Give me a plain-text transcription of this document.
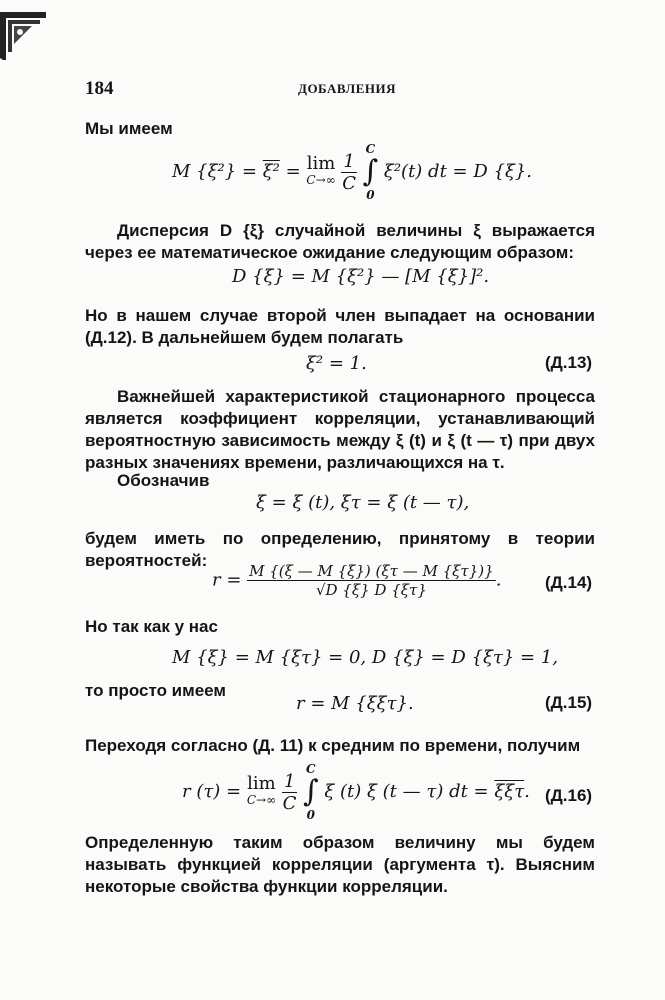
184	ДОБАВЛЕНИЯ
Мы имеем
M {ξ²} = ξ² = lim
C→∞
$\frac{1}{C}$

C
∫
0
ξ²(t) dt = D {ξ}.
Дисперсия D {ξ} случайной величины ξ выражается через ее математическое ожидание следующим образом:
D {ξ} = M {ξ²} — [M {ξ}]².
Но в нашем случае второй член выпадает на основании (Д.12). В дальнейшем будем полагать
ξ² = 1.	(Д.13)
Важнейшей характеристикой стационарного процесса является коэффициент корреляции, устанавливающий вероятностную зависимость между ξ (t) и ξ (t — τ) при двух разных значениях времени, различающихся на τ.
Обозначив
ξ = ξ (t), ξτ = ξ (t — τ),
будем иметь по определению, принятому в теории вероятностей:
$r = \frac{M \{(\xi — M \{\xi\}) (\xi\tau — M \{\xi\tau\})\}}{√D \{\xi\} D \{\xi\tau\}}$ .	(Д.14)
Но так как у нас
M {ξ} = M {ξτ} = 0, D {ξ} = D {ξτ} = 1,
то просто имеем
r = M {ξξτ}.	(Д.15)
Переходя согласно (Д. 11) к средним по времени, получим
r (τ) = lim
C→∞
$\frac{1}{C}$

C
∫
0
ξ (t) ξ (t — τ) dt = $\overline{\xi\xi\tau}$. (Д.16)
Определенную таким образом величину мы будем называть функцией корреляции (аргумента τ). Выясним некоторые свойства функции корреляции.
